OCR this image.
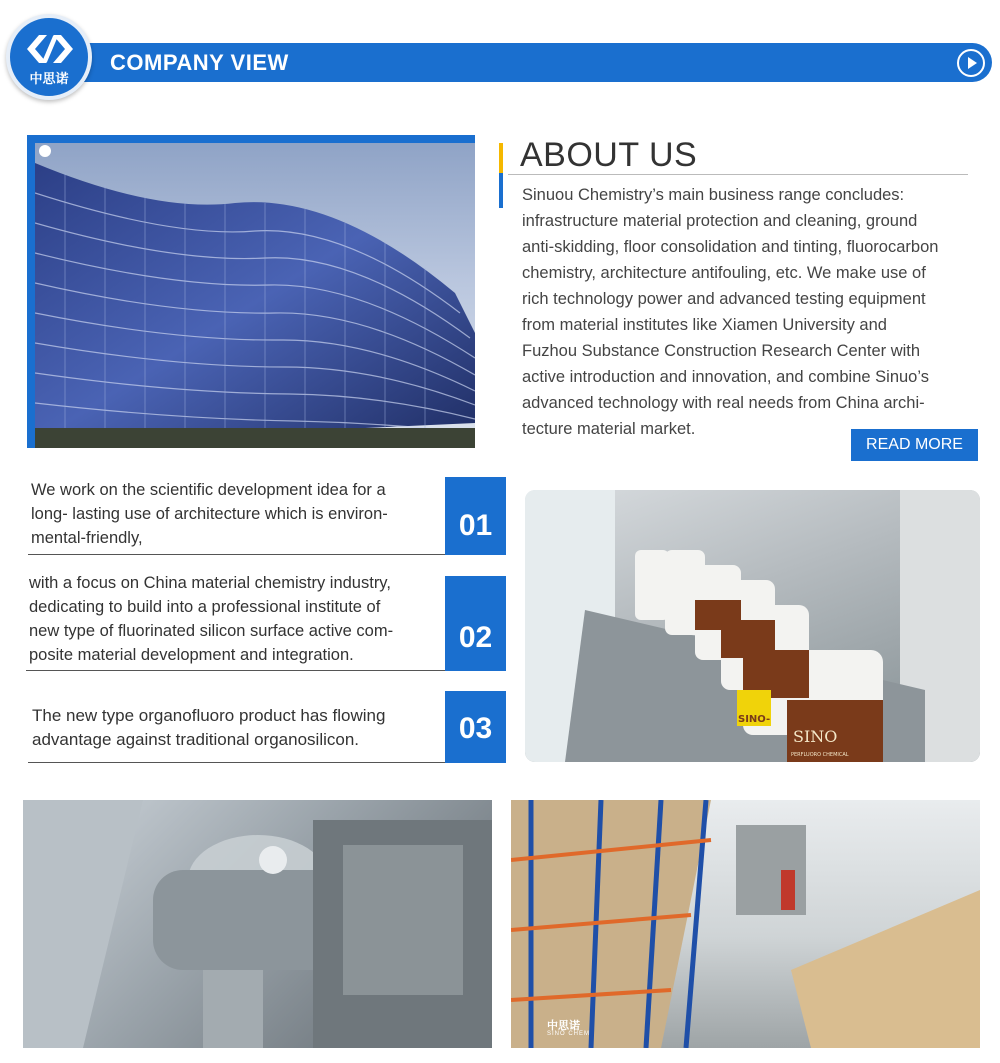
COMPANY VIEW
中思诺
ABOUT US
Sinuou Chemistry’s main business range concludes:
infrastructure material protection and cleaning, ground
anti-skidding, floor consolidation and tinting, fluorocarbon
chemistry, architecture antifouling, etc. We make use of
rich technology power and advanced testing equipment
from material institutes like Xiamen University and
Fuzhou Substance Construction Research Center with
active introduction and innovation, and combine Sinuo’s
advanced technology with real needs from China archi-
tecture material market.
READ MORE
We work on the scientific development idea for a
long- lasting use of architecture which is environ-
mental-friendly,	01
with a focus on China material chemistry industry,
dedicating to build into a professional institute of
new type of fluorinated silicon surface active com-
posite material development and integration.
02
The new type organofluoro product has flowing
advantage against traditional organosilicon.	03	SINO
SINO-
PERFLUORO CHEMICAL
中思诺
SINO CHEM
